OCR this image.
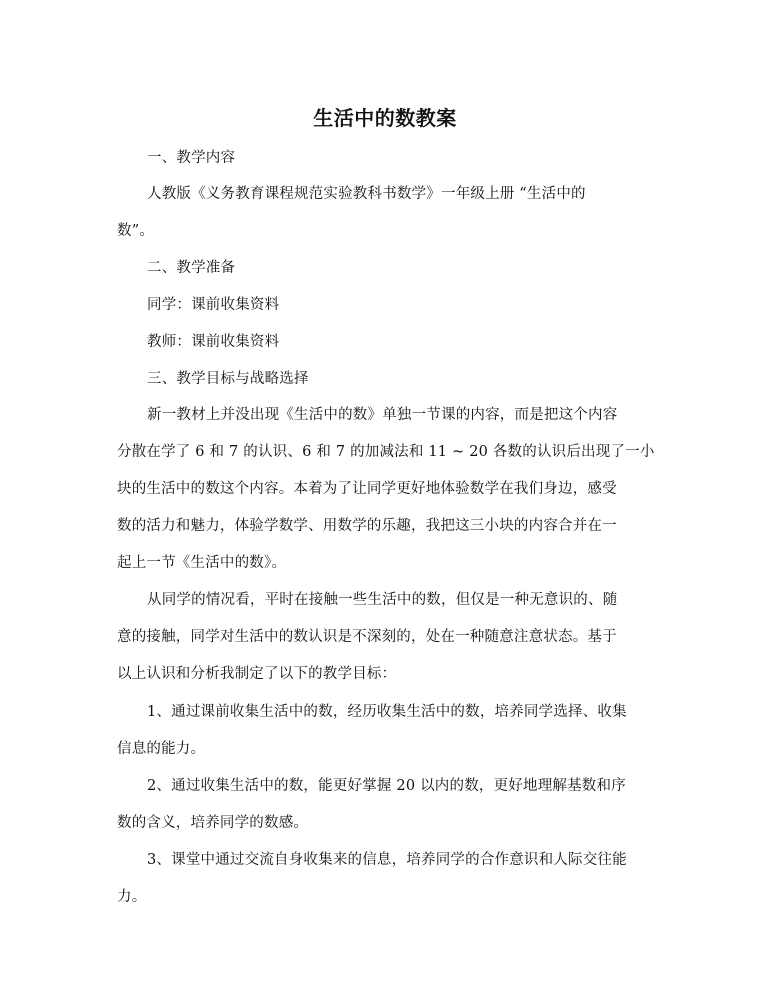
生活中的数教案
一、教学内容
人教版《义务教育课程规范实验教科书数学》一年级上册 “生活中的
数”。
二、教学准备
同学：课前收集资料
教师：课前收集资料
三、教学目标与战略选择
新一教材上并没出现《生活中的数》单独一节课的内容，而是把这个内容
分散在学了 6 和 7 的认识、6 和 7 的加减法和 11 ~ 20 各数的认识后出现了一小
块的生活中的数这个内容。本着为了让同学更好地体验数学在我们身边，感受
数的活力和魅力，体验学数学、用数学的乐趣，我把这三小块的内容合并在一
起上一节《生活中的数》。
从同学的情况看，平时在接触一些生活中的数，但仅是一种无意识的、随
意的接触，同学对生活中的数认识是不深刻的，处在一种随意注意状态。基于
以上认识和分析我制定了以下的教学目标：
1、通过课前收集生活中的数，经历收集生活中的数，培养同学选择、收集
信息的能力。
2、通过收集生活中的数，能更好掌握 20 以内的数，更好地理解基数和序
数的含义，培养同学的数感。
3、课堂中通过交流自身收集来的信息，培养同学的合作意识和人际交往能
力。
